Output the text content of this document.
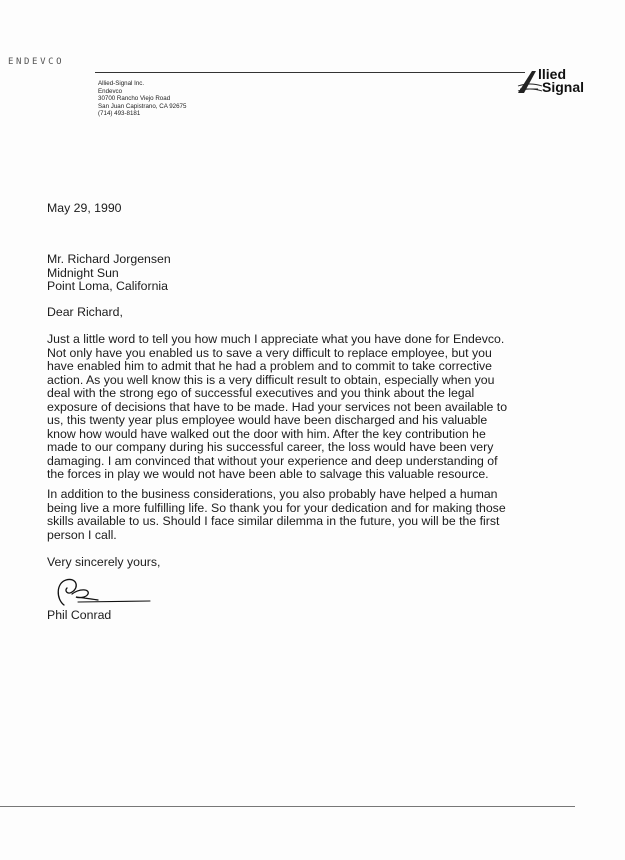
ENDEVCO
Allied-Signal Inc.
Endevco
30700 Rancho Viejo Road
San Juan Capistrano, CA 92675
(714) 493-8181
llied
Signal
May 29, 1990
Mr. Richard Jorgensen
Midnight Sun
Point Loma, California
Dear Richard,
Just a little word to tell you how much I appreciate what you have done for Endevco.
Not only have you enabled us to save a very difficult to replace employee, but you
have enabled him to admit that he had a problem and to commit to take corrective
action. As you well know this is a very difficult result to obtain, especially when you
deal with the strong ego of successful executives and you think about the legal
exposure of decisions that have to be made. Had your services not been available to
us, this twenty year plus employee would have been discharged and his valuable
know how would have walked out the door with him. After the key contribution he
made to our company during his successful career, the loss would have been very
damaging. I am convinced that without your experience and deep understanding of
the forces in play we would not have been able to salvage this valuable resource.
In addition to the business considerations, you also probably have helped a human
being live a more fulfilling life. So thank you for your dedication and for making those
skills available to us. Should I face similar dilemma in the future, you will be the first
person I call.
Very sincerely yours,
Phil Conrad
